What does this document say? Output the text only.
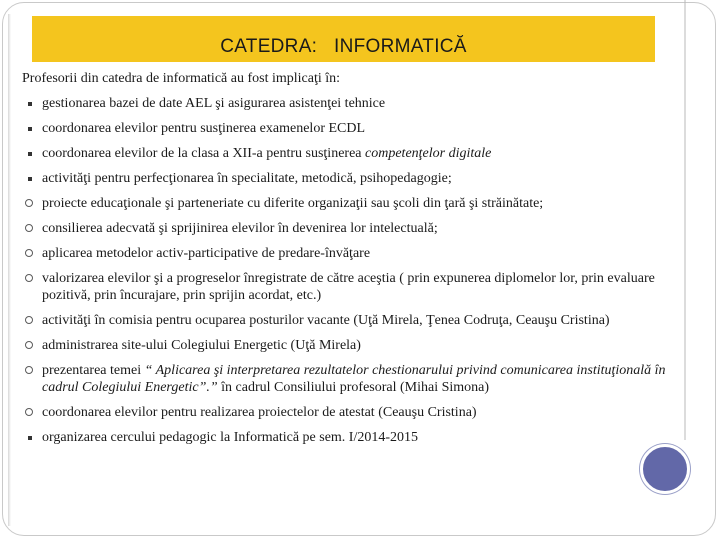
CATEDRA:   INFORMATICĂ
Profesorii din catedra de informatică au fost implicaţi în:
gestionarea bazei de date AEL şi asigurarea asistenţei tehnice
coordonarea elevilor pentru susţinerea examenelor ECDL
coordonarea elevilor de la clasa a XII-a pentru susţinerea competenţelor digitale
activităţi pentru perfecţionarea în specialitate, metodică, psihopedagogie;
proiecte educaţionale şi parteneriate cu diferite organizaţii sau şcoli din ţară şi străinătate;
consilierea adecvată şi sprijinirea elevilor în devenirea lor intelectuală;
aplicarea metodelor activ-participative de predare-învăţare
valorizarea elevilor şi a progreselor înregistrate de către aceştia ( prin expunerea diplomelor lor, prin evaluare pozitivă, prin încurajare, prin sprijin acordat, etc.)
activităţi în comisia pentru ocuparea posturilor vacante (Uţă Mirela, Ţenea Codruţa, Ceauşu Cristina)
administrarea site-ului Colegiului Energetic (Uţă Mirela)
prezentarea temei “ Aplicarea şi interpretarea rezultatelor chestionarului privind comunicarea instituţională în cadrul Colegiului Energetic”.” în cadrul Consiliului profesoral (Mihai Simona)
coordonarea elevilor pentru realizarea proiectelor de atestat (Ceauşu Cristina)
organizarea cercului pedagogic la Informatică pe sem. I/2014-2015
